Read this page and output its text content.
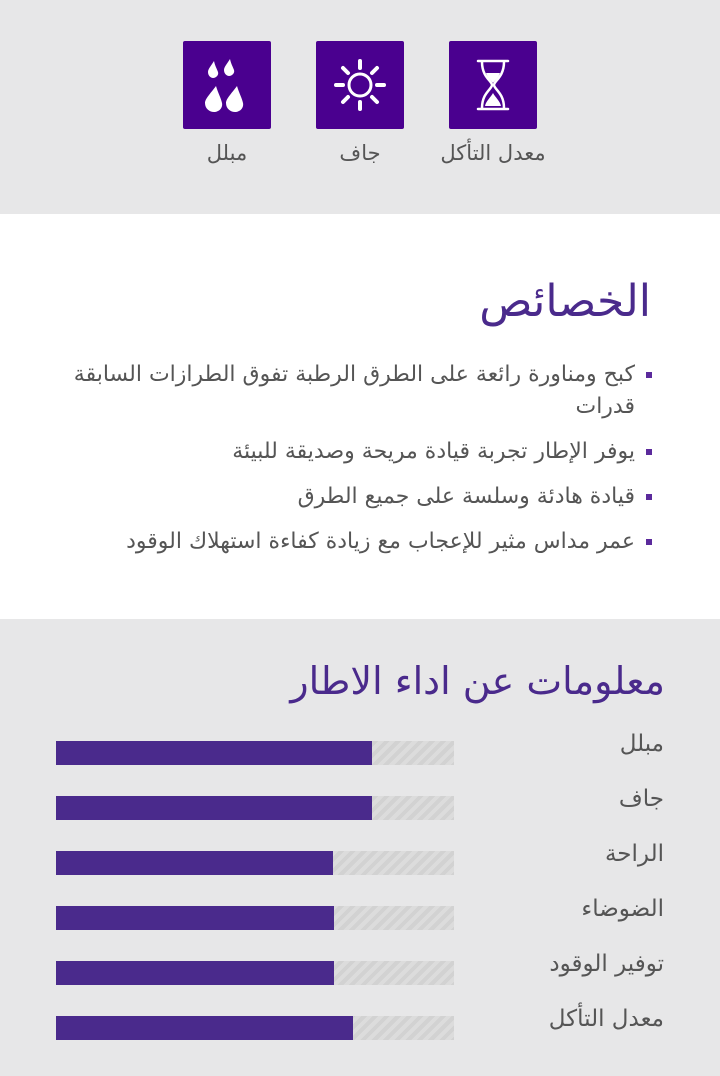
معدل التأكل
جاف
مبلل
الخصائص
كبح ومناورة رائعة على الطرق الرطبة تفوق الطرازات السابقة قدرات
يوفر الإطار تجربة قيادة مريحة وصديقة للبيئة
قيادة هادئة وسلسة على جميع الطرق
عمر مداس مثير للإعجاب مع زيادة كفاءة استهلاك الوقود
معلومات عن اداء الاطار
مبلل
جاف
الراحة
الضوضاء
توفير الوقود
معدل التأكل
